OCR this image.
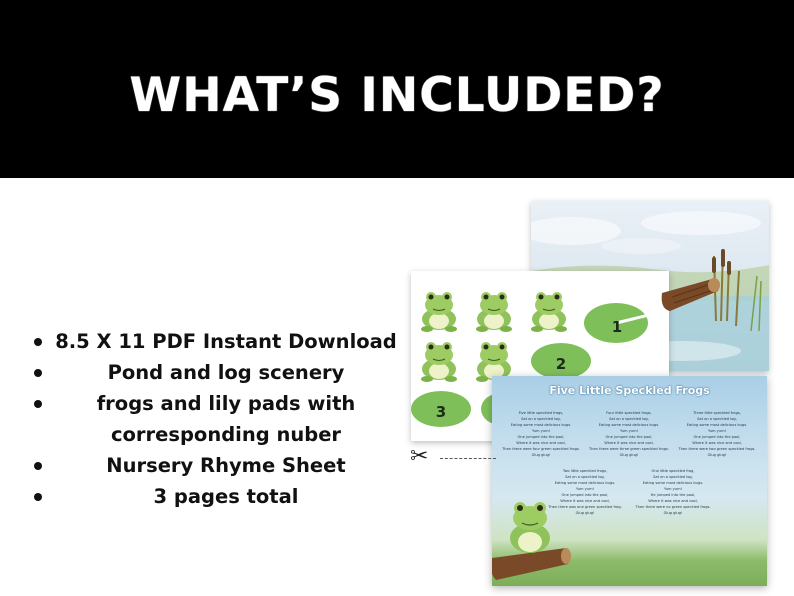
WHAT’S INCLUDED?
8.5 X 11 PDF Instant Download
Pond and log scenery
frogs and lily pads with corresponding nuber
Nursery Rhyme Sheet
3 pages total
1
2
3
Five Little Speckled Frogs
Five little speckled frogs,
Sat on a speckled log,
Eating some most delicious bugs.
Yum yum!
One jumped into the pool,
Where it was nice and cool,
Then there were four green speckled frogs.
Glug glug!
Four little speckled frogs,
Sat on a speckled log,
Eating some most delicious bugs.
Yum yum!
One jumped into the pool,
Where it was nice and cool,
Then there were three green speckled frogs.
Glug glug!
Three little speckled frogs,
Sat on a speckled log,
Eating some most delicious bugs.
Yum yum!
One jumped into the pool,
Where it was nice and cool,
Then there were two green speckled frogs.
Glug glug!
Two little speckled frogs,
Sat on a speckled log,
Eating some most delicious bugs.
Yum yum!
One jumped into the pool,
Where it was nice and cool,
Then there was one green speckled frog.
Glug glug!
One little speckled frog,
Sat on a speckled log,
Eating some most delicious bugs.
Yum yum!
He jumped into the pool,
Where it was nice and cool,
Then there were no green speckled frogs.
Glug glug!
✂
